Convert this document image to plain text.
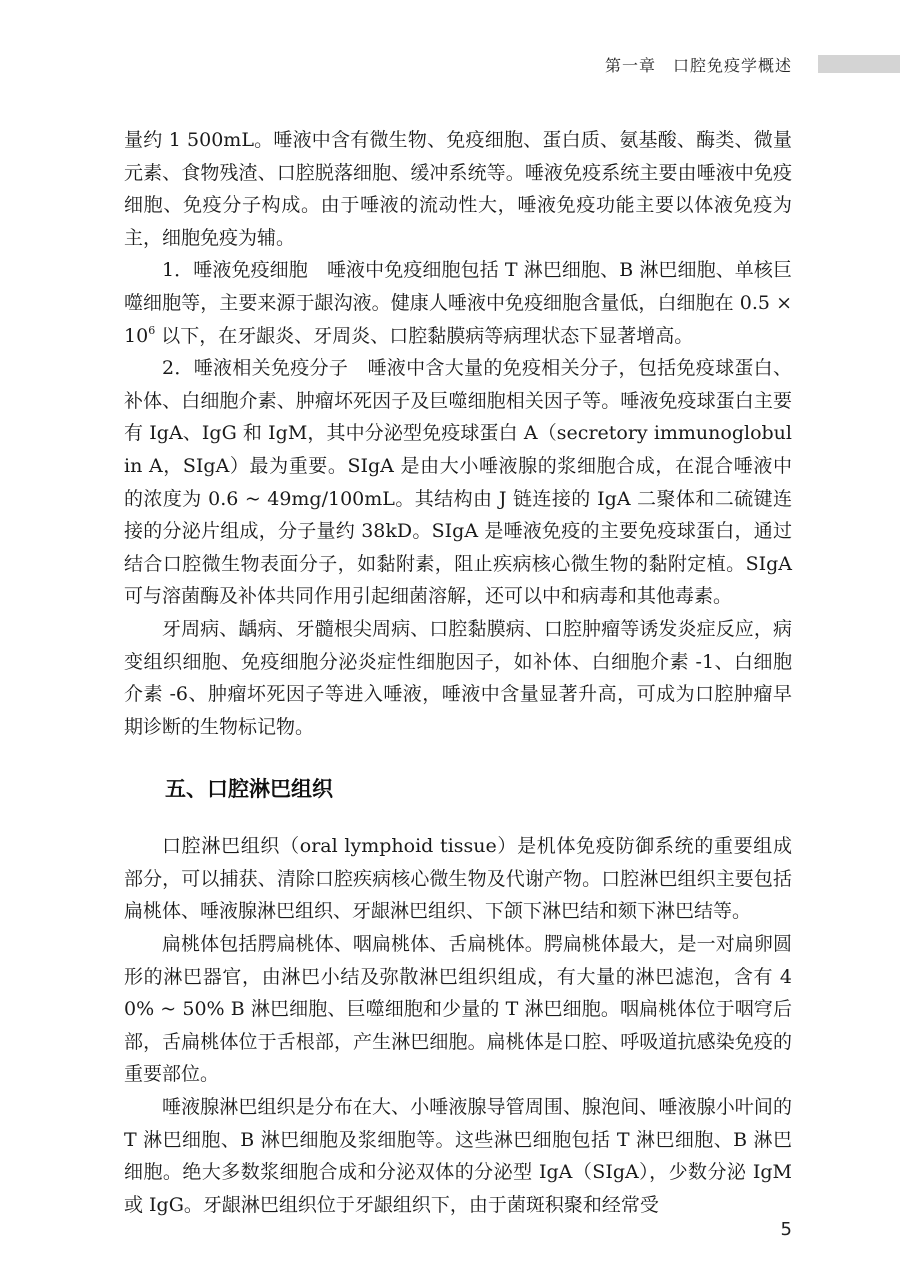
第一章　口腔免疫学概述

量约 1 500mL。唾液中含有微生物、免疫细胞、蛋白质、氨基酸、酶类、微量元素、食物残渣、口腔脱落细胞、缓冲系统等。唾液免疫系统主要由唾液中免疫细胞、免疫分子构成。由于唾液的流动性大，唾液免疫功能主要以体液免疫为主，细胞免疫为辅。

1．唾液免疫细胞　唾液中免疫细胞包括 T 淋巴细胞、B 淋巴细胞、单核巨噬细胞等，主要来源于龈沟液。健康人唾液中免疫细胞含量低，白细胞在 $0.5 \times 10^6$ 以下，在牙龈炎、牙周炎、口腔黏膜病等病理状态下显著增高。

2．唾液相关免疫分子　唾液中含大量的免疫相关分子，包括免疫球蛋白、补体、白细胞介素、肿瘤坏死因子及巨噬细胞相关因子等。唾液免疫球蛋白主要有 IgA、IgG 和 IgM，其中分泌型免疫球蛋白 A（secretory immunoglobulin A，SIgA）最为重要。SIgA 是由大小唾液腺的浆细胞合成，在混合唾液中的浓度为 0.6 ~ 49mg/100mL。其结构由 J 链连接的 IgA 二聚体和二硫键连接的分泌片组成，分子量约 38kD。SIgA 是唾液免疫的主要免疫球蛋白，通过结合口腔微生物表面分子，如黏附素，阻止疾病核心微生物的黏附定植。SIgA 可与溶菌酶及补体共同作用引起细菌溶解，还可以中和病毒和其他毒素。

牙周病、龋病、牙髓根尖周病、口腔黏膜病、口腔肿瘤等诱发炎症反应，病变组织细胞、免疫细胞分泌炎症性细胞因子，如补体、白细胞介素 -1、白细胞介素 -6、肿瘤坏死因子等进入唾液，唾液中含量显著升高，可成为口腔肿瘤早期诊断的生物标记物。

五、口腔淋巴组织

口腔淋巴组织（oral lymphoid tissue）是机体免疫防御系统的重要组成部分，可以捕获、清除口腔疾病核心微生物及代谢产物。口腔淋巴组织主要包括扁桃体、唾液腺淋巴组织、牙龈淋巴组织、下颌下淋巴结和颏下淋巴结等。

扁桃体包括腭扁桃体、咽扁桃体、舌扁桃体。腭扁桃体最大，是一对扁卵圆形的淋巴器官，由淋巴小结及弥散淋巴组织组成，有大量的淋巴滤泡，含有 40% ~ 50% B 淋巴细胞、巨噬细胞和少量的 T 淋巴细胞。咽扁桃体位于咽穹后部，舌扁桃体位于舌根部，产生淋巴细胞。扁桃体是口腔、呼吸道抗感染免疫的重要部位。

唾液腺淋巴组织是分布在大、小唾液腺导管周围、腺泡间、唾液腺小叶间的 T 淋巴细胞、B 淋巴细胞及浆细胞等。这些淋巴细胞包括 T 淋巴细胞、B 淋巴细胞。绝大多数浆细胞合成和分泌双体的分泌型 IgA（SIgA），少数分泌 IgM 或 IgG。牙龈淋巴组织位于牙龈组织下，由于菌斑积聚和经常受

5
